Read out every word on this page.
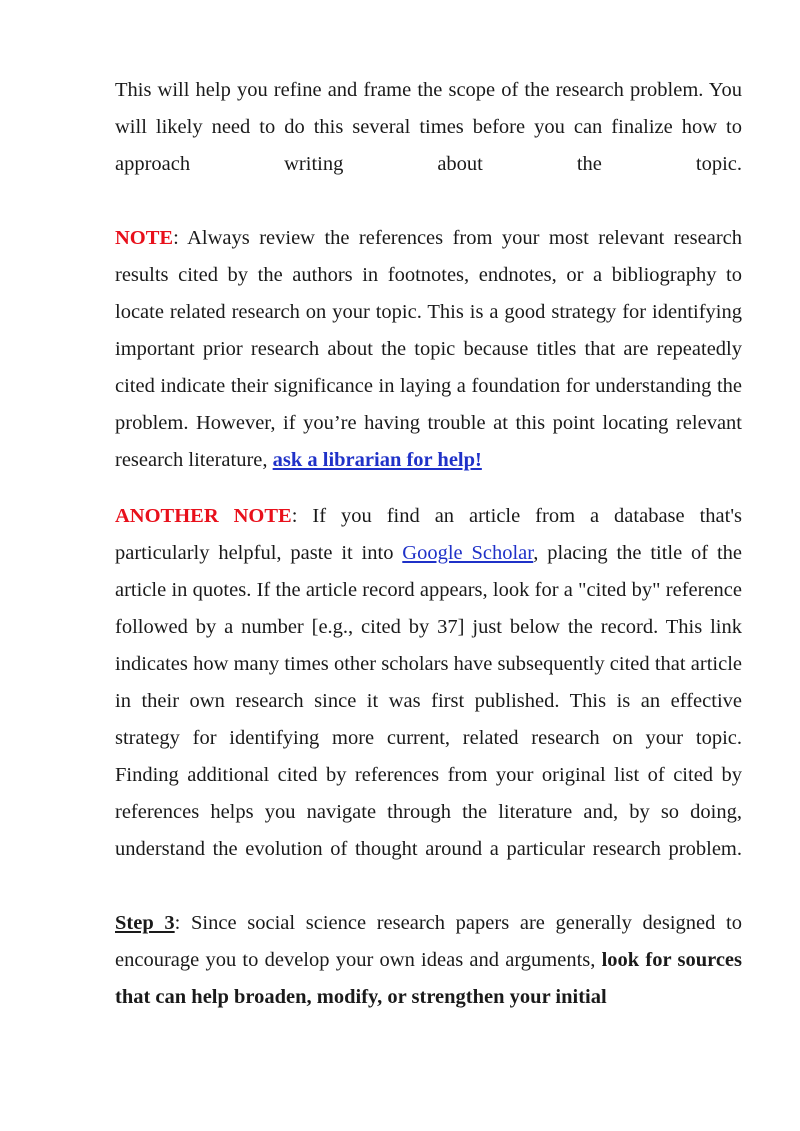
This will help you refine and frame the scope of the research problem. You will likely need to do this several times before you can finalize how to approach writing about the topic.

NOTE: Always review the references from your most relevant research results cited by the authors in footnotes, endnotes, or a bibliography to locate related research on your topic. This is a good strategy for identifying important prior research about the topic because titles that are repeatedly cited indicate their significance in laying a foundation for understanding the problem. However, if you’re having trouble at this point locating relevant research literature, ask a librarian for help!

ANOTHER NOTE: If you find an article from a database that's particularly helpful, paste it into Google Scholar, placing the title of the article in quotes. If the article record appears, look for a "cited by" reference followed by a number [e.g., cited by 37] just below the record. This link indicates how many times other scholars have subsequently cited that article in their own research since it was first published. This is an effective strategy for identifying more current, related research on your topic. Finding additional cited by references from your original list of cited by references helps you navigate through the literature and, by so doing, understand the evolution of thought around a particular research problem.

Step 3: Since social science research papers are generally designed to encourage you to develop your own ideas and arguments, look for sources that can help broaden, modify, or strengthen your initial
